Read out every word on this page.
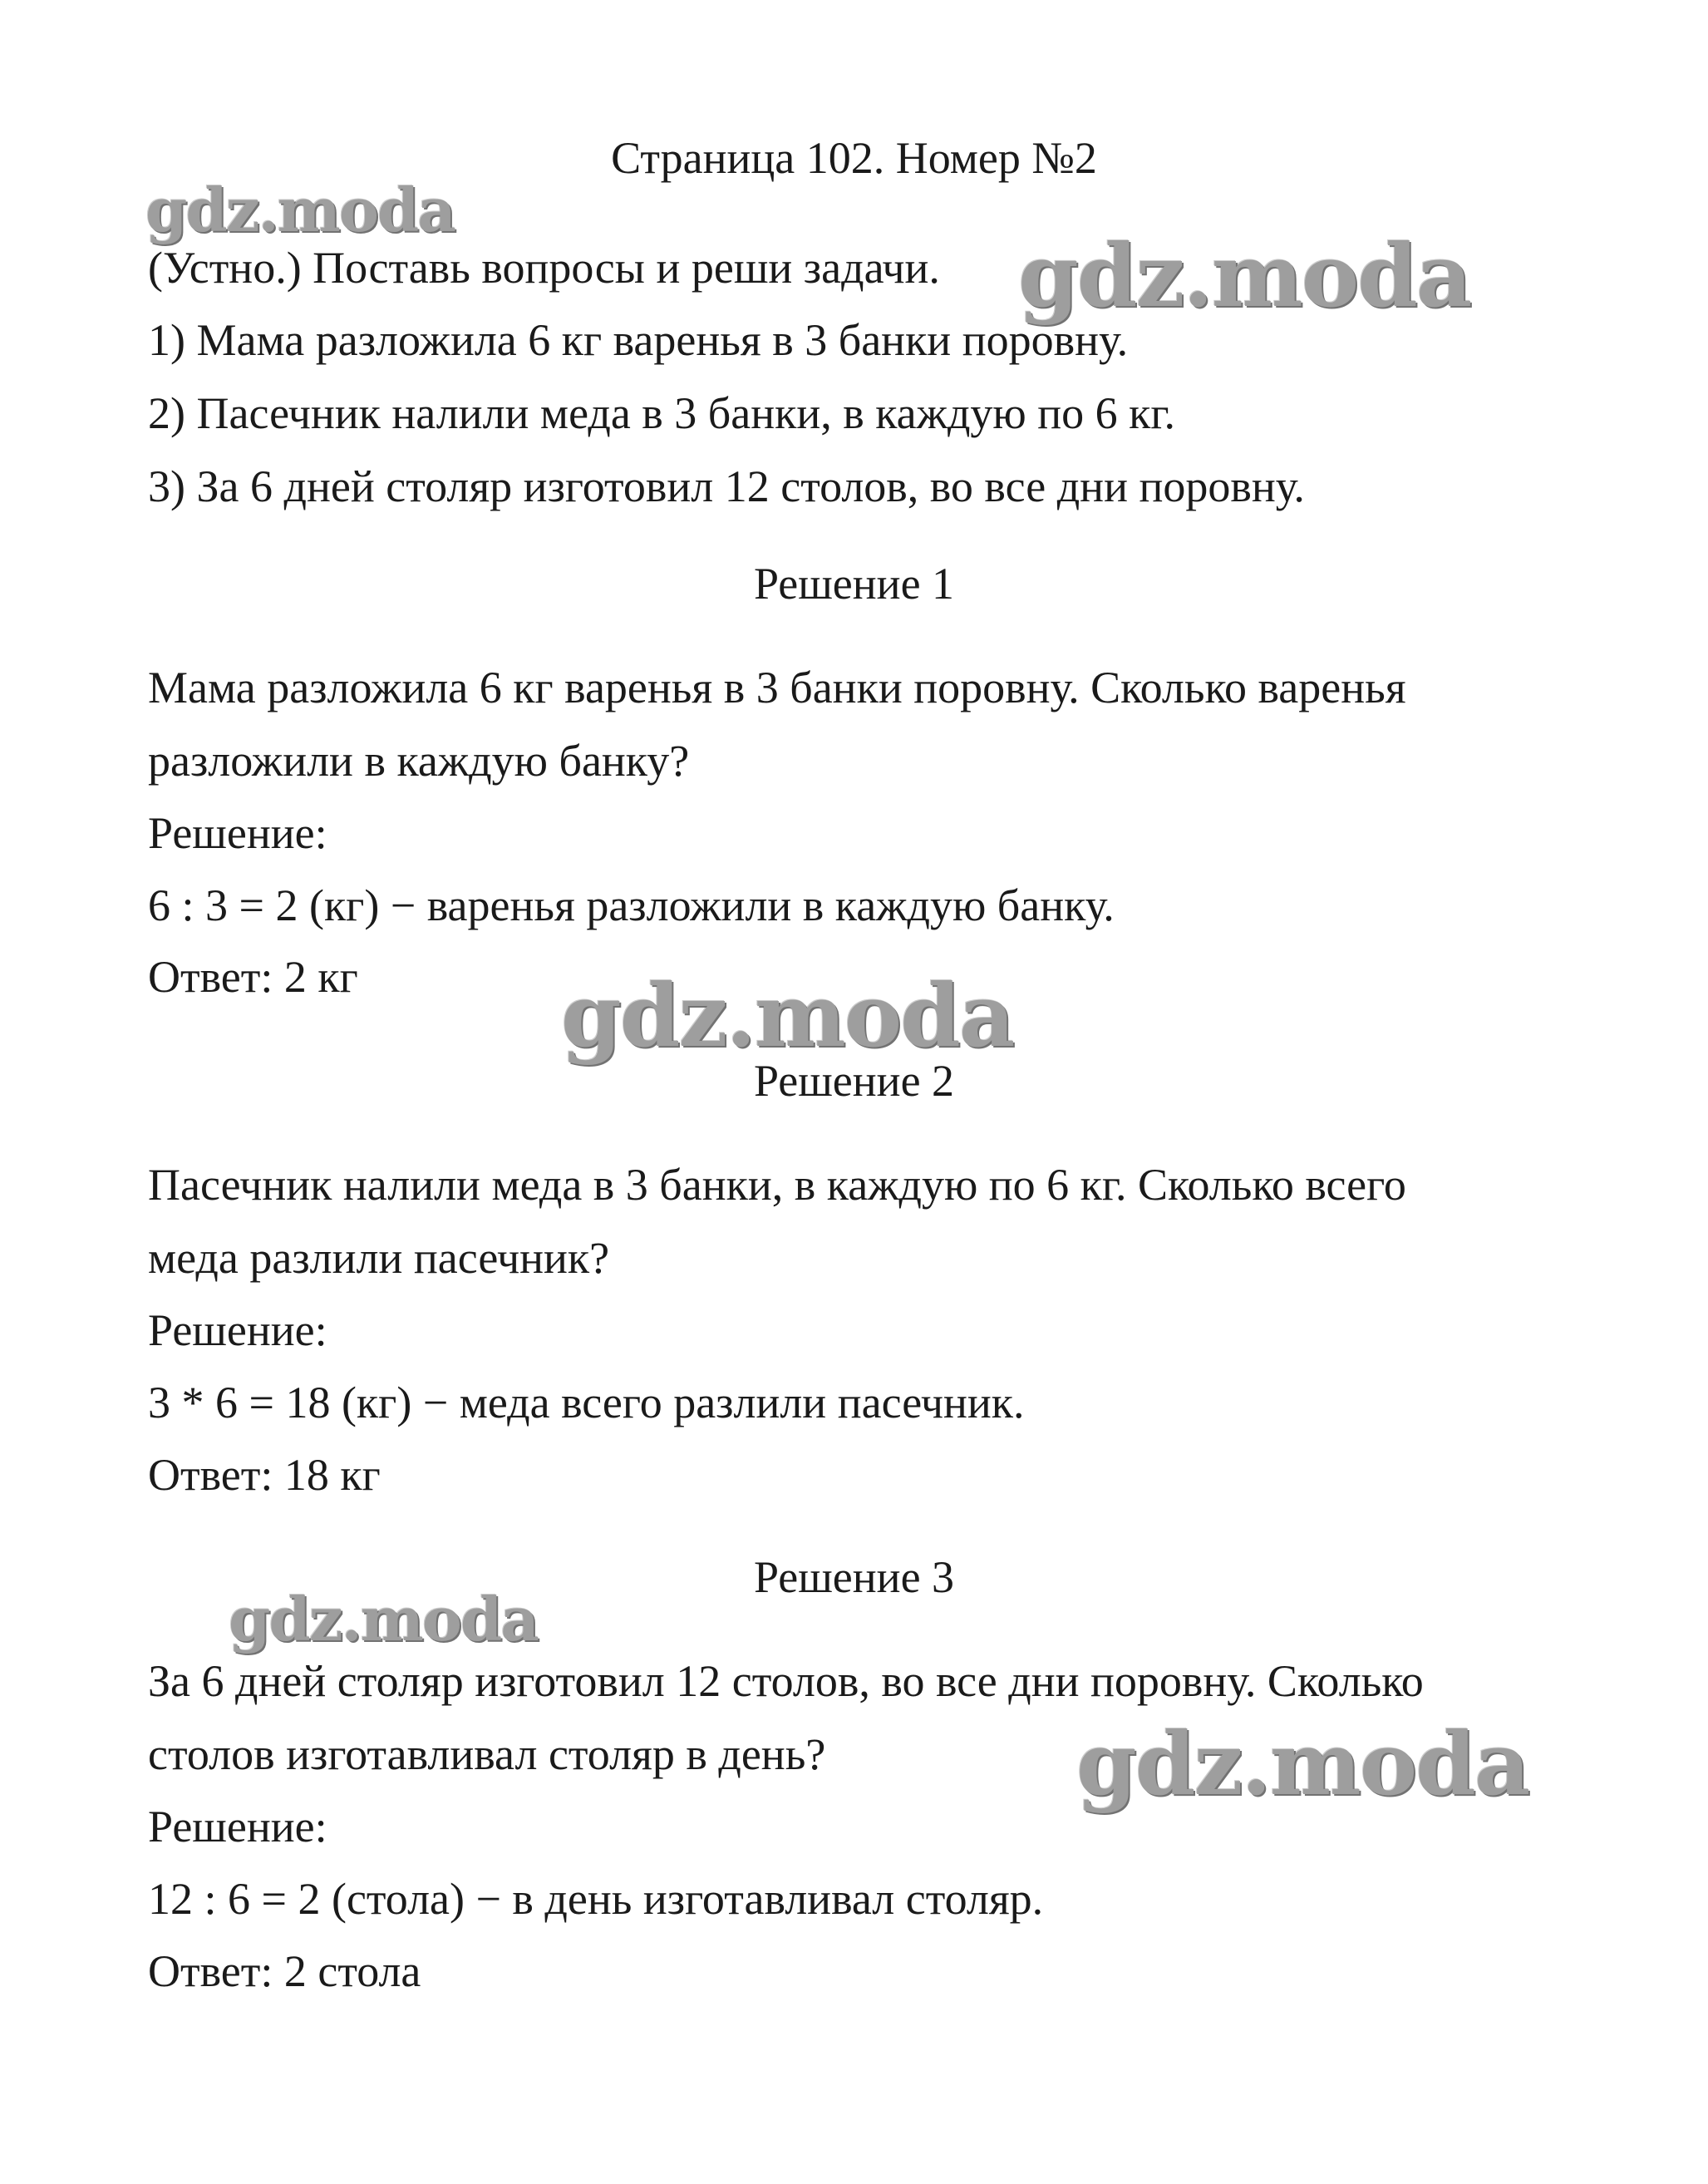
Страница 102. Номер №2
(Устно.) Поставь вопросы и реши задачи.
1) Мама разложила 6 кг варенья в 3 банки поровну.
2) Пасечник налили меда в 3 банки, в каждую по 6 кг.
3) За 6 дней столяр изготовил 12 столов, во все дни поровну.
Решение 1
Мама разложила 6 кг варенья в 3 банки поровну. Сколько варенья
разложили в каждую банку?
Решение:
6 : 3 = 2 (кг) − варенья разложили в каждую банку.
Ответ: 2 кг
Решение 2
Пасечник налили меда в 3 банки, в каждую по 6 кг. Сколько всего
меда разлили пасечник?
Решение:
3 * 6 = 18 (кг) − меда всего разлили пасечник.
Ответ: 18 кг
Решение 3
За 6 дней столяр изготовил 12 столов, во все дни поровну. Сколько
столов изготавливал столяр в день?
Решение:
12 : 6 = 2 (стола) − в день изготавливал столяр.
Ответ: 2 стола
gdz.moda
gdz.moda
gdz.moda
gdz.moda
gdz.moda
